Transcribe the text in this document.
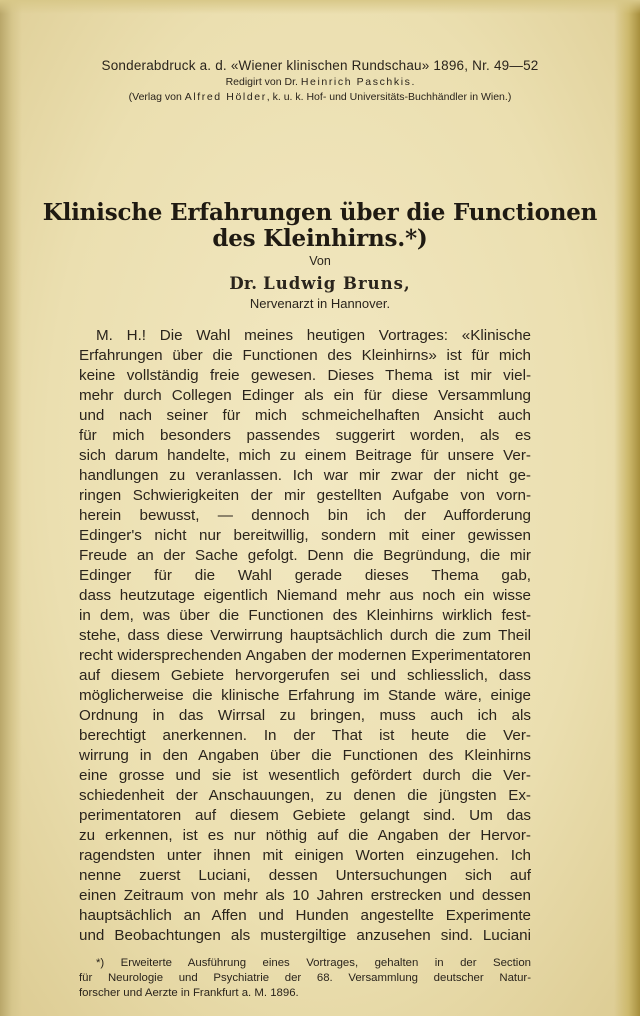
Sonderabdruck a. d. «Wiener klinischen Rundschau» 1896, Nr. 49—52
Redigirt von Dr. Heinrich Paschkis.
(Verlag von Alfred Hölder, k. u. k. Hof- und Universitäts-Buchhändler in Wien.)
Klinische Erfahrungen über die Functionen
des Kleinhirns.*)
Von
Dr. Ludwig Bruns,
Nervenarzt in Hannover.
M. H.! Die Wahl meines heutigen Vortrages: «Klinische
Erfahrungen über die Functionen des Kleinhirns» ist für mich
keine vollständig freie gewesen. Dieses Thema ist mir viel-
mehr durch Collegen Edinger als ein für diese Versammlung
und nach seiner für mich schmeichelhaften Ansicht auch
für mich besonders passendes suggerirt worden, als es
sich darum handelte, mich zu einem Beitrage für unsere Ver-
handlungen zu veranlassen. Ich war mir zwar der nicht ge-
ringen Schwierigkeiten der mir gestellten Aufgabe von vorn-
herein bewusst, — dennoch bin ich der Aufforderung
Edinger's nicht nur bereitwillig, sondern mit einer gewissen
Freude an der Sache gefolgt. Denn die Begründung, die mir
Edinger für die Wahl gerade dieses Thema gab,
dass heutzutage eigentlich Niemand mehr aus noch ein wisse
in dem, was über die Functionen des Kleinhirns wirklich fest-
stehe, dass diese Verwirrung hauptsächlich durch die zum Theil
recht widersprechenden Angaben der modernen Experimentatoren
auf diesem Gebiete hervorgerufen sei und schliesslich, dass
möglicherweise die klinische Erfahrung im Stande wäre, einige
Ordnung in das Wirrsal zu bringen, muss auch ich als
berechtigt anerkennen. In der That ist heute die Ver-
wirrung in den Angaben über die Functionen des Kleinhirns
eine grosse und sie ist wesentlich gefördert durch die Ver-
schiedenheit der Anschauungen, zu denen die jüngsten Ex-
perimentatoren auf diesem Gebiete gelangt sind. Um das
zu erkennen, ist es nur nöthig auf die Angaben der Hervor-
ragendsten unter ihnen mit einigen Worten einzugehen. Ich
nenne zuerst Luciani, dessen Untersuchungen sich auf
einen Zeitraum von mehr als 10 Jahren erstrecken und dessen
hauptsächlich an Affen und Hunden angestellte Experimente
und Beobachtungen als mustergiltige anzusehen sind. Luciani
*) Erweiterte Ausführung eines Vortrages, gehalten in der Section
für Neurologie und Psychiatrie der 68. Versammlung deutscher Natur-
forscher und Aerzte in Frankfurt a. M. 1896.
